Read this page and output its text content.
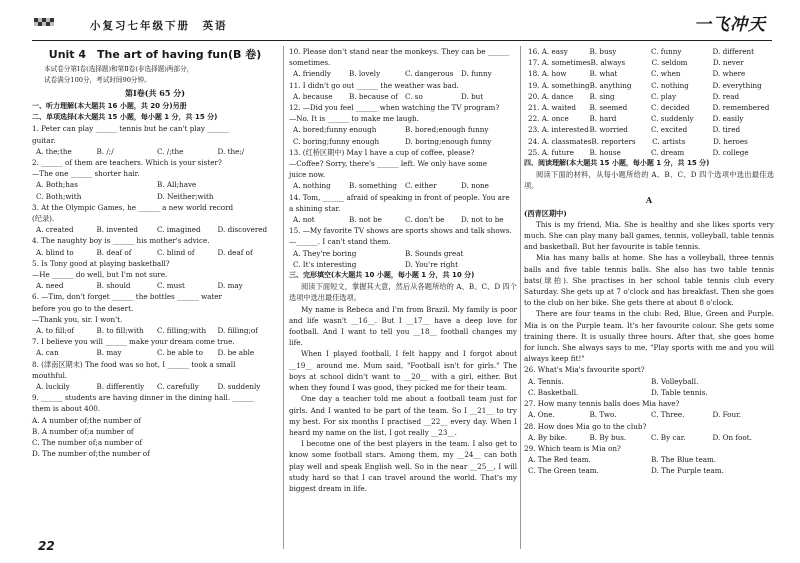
小复习七年级下册　英语	一飞冲天
Unit 4　The art of having fun(B 卷)
本试卷分第Ⅰ卷(选择题)和第Ⅱ卷(非选择题)两部分，
试卷满分100分，考试时间90分钟。
第Ⅰ卷(共 65 分)
一、听力理解(本大题共 16 小题，共 20 分)另册
二、单项选择(本大题共 15 小题，每小题 1 分，共 15 分)
1. Peter can play ______ tennis but he can't play ______
guitar.
A. the;the	B. /;/	C. /;the	D. the;/
2. ______ of them are teachers. Which is your sister?
—The one ______ shorter hair.
A. Both;has	B. All;have
C. Both;with	D. Neither;with
3. At the Olympic Games, he ______ a new world record
(纪录).
A. created	B. invented	C. imagined	D. discovered
4. The naughty boy is ______ his mother's advice.
A. blind to	B. deaf of	C. blind of	D. deaf of
5. Is Tony good at playing basketball?
—He ______ do well, but I'm not sure.
A. need	B. should	C. must	D. may
6. —Tim, don't forget ______ the bottles ______ water
before you go to the desert.
—Thank you, sir. I won't.
A. to fill;of	B. to fill;with	C. filling;with	D. filling;of
7. I believe you will ______ make your dream come true.
A. can	B. may	C. be able to	D. be able
8. (津南区期末) The food was so hot, I ______ took a small
mouthful.
A. luckily	B. differently	C. carefully	D. suddenly
9. ______ students are having dinner in the dining hall. ______
them is about 400.
A. A number of;the number of
B. A number of;a number of
C. The number of;a number of
D. The number of;the number of
10. Please don't stand near the monkeys. They can be ______
sometimes.
A. friendly	B. lovely	C. dangerous	D. funny
11. I didn't go out ______ the weather was bad.
A. because	B. because of C. so	D. but
12. —Did you feel ______ when watching the TV program?
—No. It is ______ to make me laugh.
A. bored;funny enough	B. bored;enough funny
C. boring;funny enough	D. boring;enough funny
13. (红桥区期中) May I have a cup of coffee, please?
—Coffee? Sorry, there's ______ left. We only have some
juice now.
A. nothing	B. something	C. either	D. none
14. Tom, ______ afraid of speaking in front of people. You are
a shining star.
A. not	B. not be	C. don't be	D. not to be
15. —My favorite TV shows are sports shows and talk shows.
—______. I can't stand them.
A. They're boring	B. Sounds great
C. It's interesting	D. You're right
三、完形填空(本大题共 10 小题，每小题 1 分，共 10 分)
阅读下面短文，掌握其大意，然后从各题所给的 A、B、C、D 四个选项中选出最佳选项。
My name is Rebeca and I'm from Brazil. My family is poor and life wasn't __16__. But I __17__ have a deep love for football. And I want to tell you __18__ football changes my life.
When I played football, I felt happy and I forgot about __19__ around me. Mum said, "Football isn't for girls." The boys at school didn't want to __20__ with a girl, either. But when they found I was good, they picked me for their team.
One day a teacher told me about a football team just for girls. And I wanted to be part of the team. So I __21__ to try my best. For six months I practised __22__ every day. When I heard my name on the list, I got really __23__.
I become one of the best players in the team. I also get to know some football stars. Among them, my __24__ can both play well and speak English well. So in the near __25__, I will study hard so that I can travel around the world. That's my biggest dream in life.
16. A. easy	B. busy	C. funny	D. different
17. A. sometimes B. always	C. seldom	D. never
18. A. how	B. what	C. when	D. where
19. A. something B. anything	C. nothing	D. everything
20. A. dance	B. sing	C. play	D. read
21. A. waited	B. seemed	C. decided	D. remembered
22. A. once	B. hard	C. suddenly	D. easily
23. A. interested B. worried	C. excited	D. tired
24. A. classmates B. reporters	C. artists	D. heroes
25. A. future	B. house	C. dream	D. college
四、阅读理解(本大题共 15 小题，每小题 1 分，共 15 分)
阅读下面的材料，从每小题所给的 A、B、C、D 四个选项中选出最佳选项。
A
(西青区期中)
This is my friend, Mia. She is healthy and she likes sports very much. She can play many ball games, tennis, volleyball, table tennis and basketball. But her favourite is table tennis.
Mia has many balls at home. She has a volleyball, three tennis balls and five table tennis balls. She also has two table tennis bats(球拍). She practises in her school table tennis club every Saturday. She gets up at 7 o'clock and has breakfast. Then she goes to the club on her bike. She gets there at about 8 o'clock.
There are four teams in the club: Red, Blue, Green and Purple. Mia is on the Purple team. It's her favourite colour. She gets some training there. It is usually three hours. After that, she goes home for lunch. She always says to me, "Play sports with me and you will always keep fit!"
26. What's Mia's favourite sport?
A. Tennis.	B. Volleyball.
C. Basketball.	D. Table tennis.
27. How many tennis balls does Mia have?
A. One.	B. Two.	C. Three.	D. Four.
28. How does Mia go to the club?
A. By bike.	B. By bus.	C. By car.	D. On foot.
29. Which team is Mia on?
A. The Red team.	B. The Blue team.
C. The Green team.	D. The Purple team.
22
